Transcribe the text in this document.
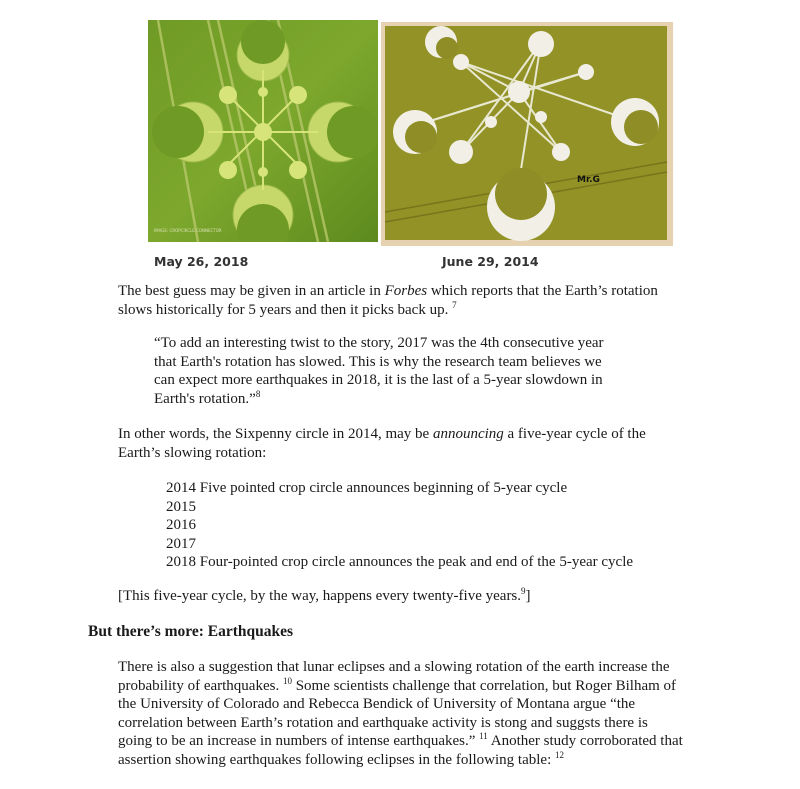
IMAGE: CROPCIRCLE CONNECTOR
Mr.G
May 26, 2018	June 29, 2014
The best guess may be given in an article in Forbes which reports that the Earth’s rotation slows historically for 5 years and then it picks back up. $^7$
“To add an interesting twist to the story, 2017 was the 4th consecutive year that Earth's rotation has slowed. This is why the research team believes we can expect more earthquakes in 2018, it is the last of a 5-year slowdown in Earth's rotation.”$^8$
In other words, the Sixpenny circle in 2014, may be announcing a five-year cycle of the Earth’s slowing rotation:
2014 Five pointed crop circle announces beginning of 5-year cycle
2015
2016
2017
2018 Four-pointed crop circle announces the peak and end of the 5-year cycle
[This five-year cycle, by the way, happens every twenty-five years.$^9$]
But there’s more: Earthquakes
There is also a suggestion that lunar eclipses and a slowing rotation of the earth increase the probability of earthquakes. $^{10}$ Some scientists challenge that correlation, but Roger Bilham of the University of Colorado and Rebecca Bendick of University of Montana argue “the correlation between Earth’s rotation and earthquake activity is stong and suggsts there is going to be an increase in numbers of intense earthquakes.” $^{11}$ Another study corroborated that assertion showing earthquakes following eclipses in the following table: $^{12}$
